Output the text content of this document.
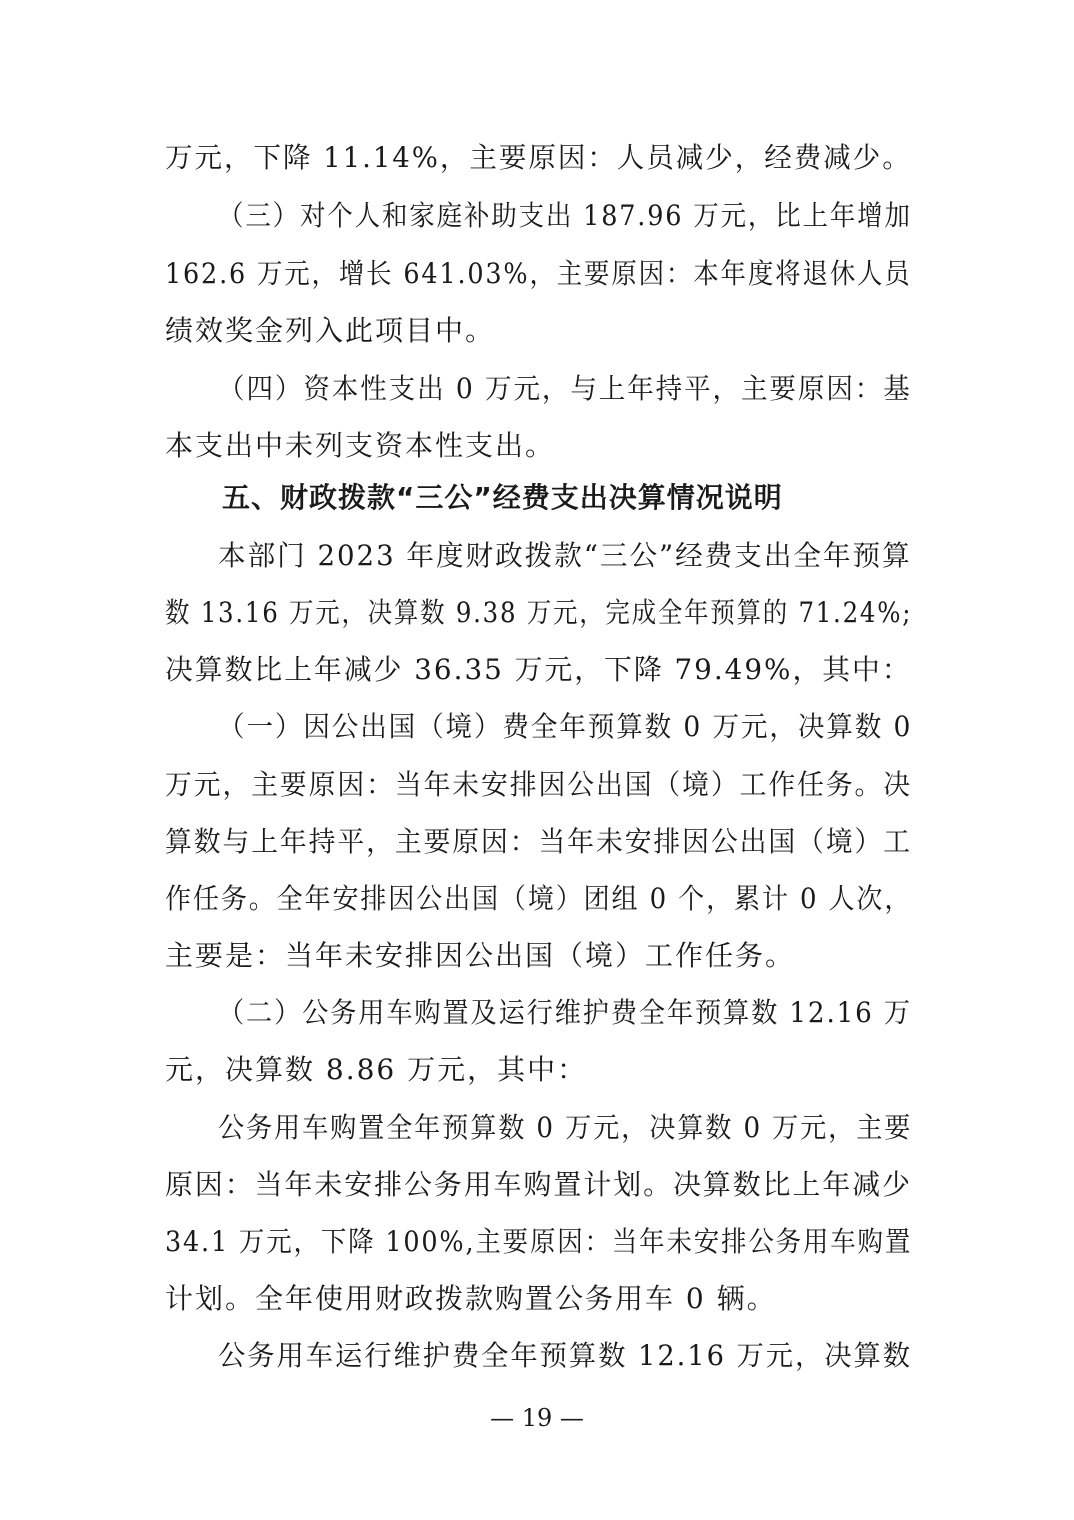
万元，下降 11.14%，主要原因：人员减少，经费减少。
（三）对个人和家庭补助支出 187.96 万元，比上年增加
162.6 万元，增长 641.03%，主要原因：本年度将退休人员
绩效奖金列入此项目中。
（四）资本性支出 0 万元，与上年持平，主要原因：基
本支出中未列支资本性支出。
五、财政拨款“三公”经费支出决算情况说明
本部门 2023 年度财政拨款“三公”经费支出全年预算
数 13.16 万元，决算数 9.38 万元，完成全年预算的 71.24%;
决算数比上年减少 36.35 万元，下降 79.49%，其中：
（一）因公出国（境）费全年预算数 0 万元，决算数 0
万元，主要原因：当年未安排因公出国（境）工作任务。决
算数与上年持平，主要原因：当年未安排因公出国（境）工
作任务。全年安排因公出国（境）团组 0 个，累计 0 人次，
主要是：当年未安排因公出国（境）工作任务。
（二）公务用车购置及运行维护费全年预算数 12.16 万
元，决算数 8.86 万元，其中：
公务用车购置全年预算数 0 万元，决算数 0 万元，主要
原因：当年未安排公务用车购置计划。决算数比上年减少
34.1 万元，下降 100%,主要原因：当年未安排公务用车购置
计划。全年使用财政拨款购置公务用车 0 辆。
公务用车运行维护费全年预算数 12.16 万元，决算数
— 19 —
